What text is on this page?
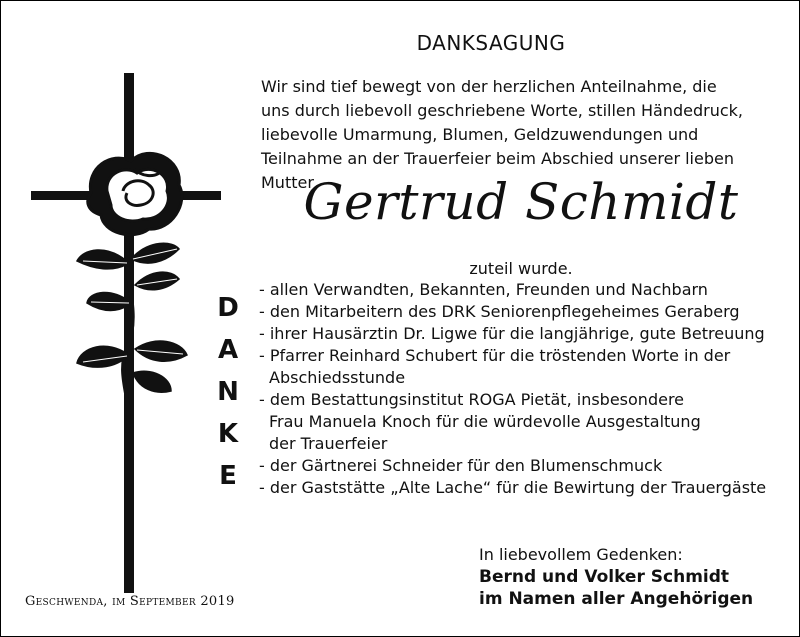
DANKSAGUNG

Wir sind tief bewegt von der herzlichen Anteilnahme, die
uns durch liebevoll geschriebene Worte, stillen Händedruck,
liebevolle Umarmung, Blumen, Geldzuwendungen und
Teilnahme an der Trauerfeier beim Abschied unserer lieben Mutter

Gertrud Schmidt
zuteil wurde.
D
A
N
K
E
- allen Verwandten, Bekannten, Freunden und Nachbarn
- den Mitarbeitern des DRK Seniorenpflegeheimes Geraberg
- ihrer Hausärztin Dr. Ligwe für die langjährige, gute Betreuung
- Pfarrer Reinhard Schubert für die tröstenden Worte in der
Abschiedsstunde
- dem Bestattungsinstitut ROGA Pietät, insbesondere
Frau Manuela Knoch für die würdevolle Ausgestaltung
der Trauerfeier
- der Gärtnerei Schneider für den Blumenschmuck
- der Gaststätte „Alte Lache“ für die Bewirtung der Trauergäste
In liebevollem Gedenken:
Bernd und Volker Schmidt
im Namen aller Angehörigen
Geschwenda, im September 2019
